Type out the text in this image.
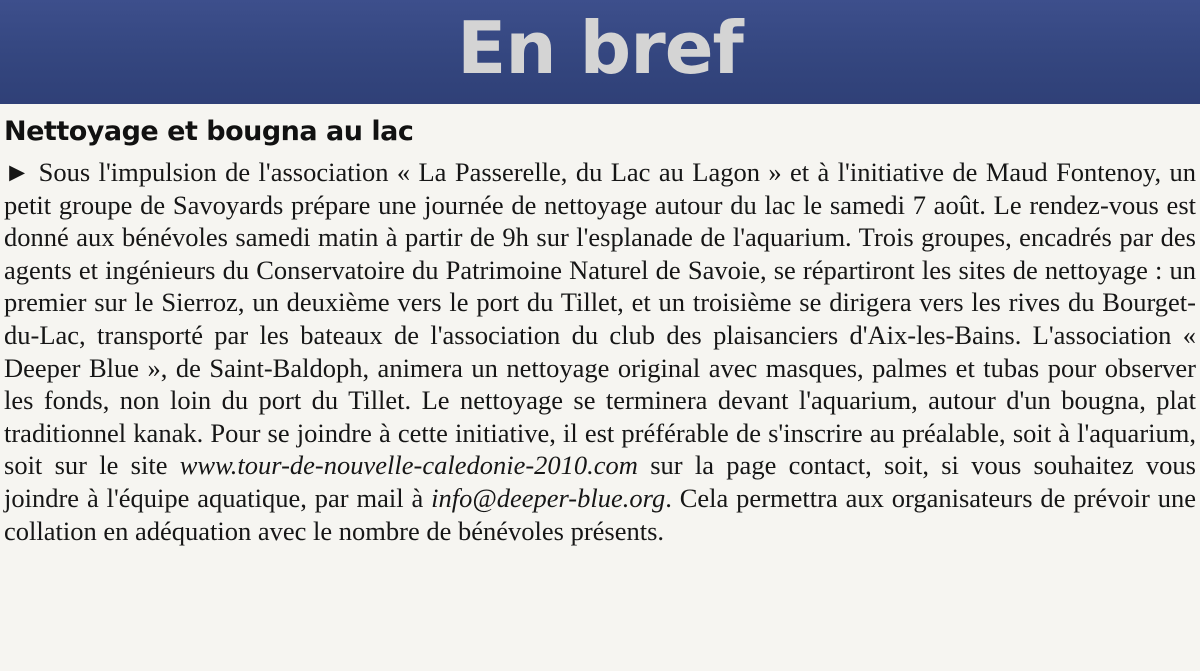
En bref
Nettoyage et bougna au lac

► Sous l'impulsion de l'association « La Passerelle, du Lac au Lagon » et à l'initiative de Maud Fontenoy, un petit groupe de Savoyards prépare une journée de nettoyage autour du lac le samedi 7 août. Le rendez-vous est donné aux bénévoles samedi matin à partir de 9h sur l'esplanade de l'aquarium. Trois groupes, encadrés par des agents et ingénieurs du Conservatoire du Patrimoine Naturel de Savoie, se répartiront les sites de nettoyage : un premier sur le Sierroz, un deuxième vers le port du Tillet, et un troisième se dirigera vers les rives du Bourget-du-Lac, transporté par les bateaux de l'association du club des plaisanciers d'Aix-les-Bains. L'association « Deeper Blue », de Saint-Baldoph, animera un nettoyage original avec masques, palmes et tubas pour observer les fonds, non loin du port du Tillet. Le nettoyage se terminera devant l'aquarium, autour d'un bougna, plat traditionnel kanak. Pour se joindre à cette initiative, il est préférable de s'inscrire au préalable, soit à l'aquarium, soit sur le site www.tour-de-nouvelle-caledonie-2010.com sur la page contact, soit, si vous souhaitez vous joindre à l'équipe aquatique, par mail à info@deeper-blue.org. Cela permettra aux organisateurs de prévoir une collation en adéquation avec le nombre de bénévoles présents.
